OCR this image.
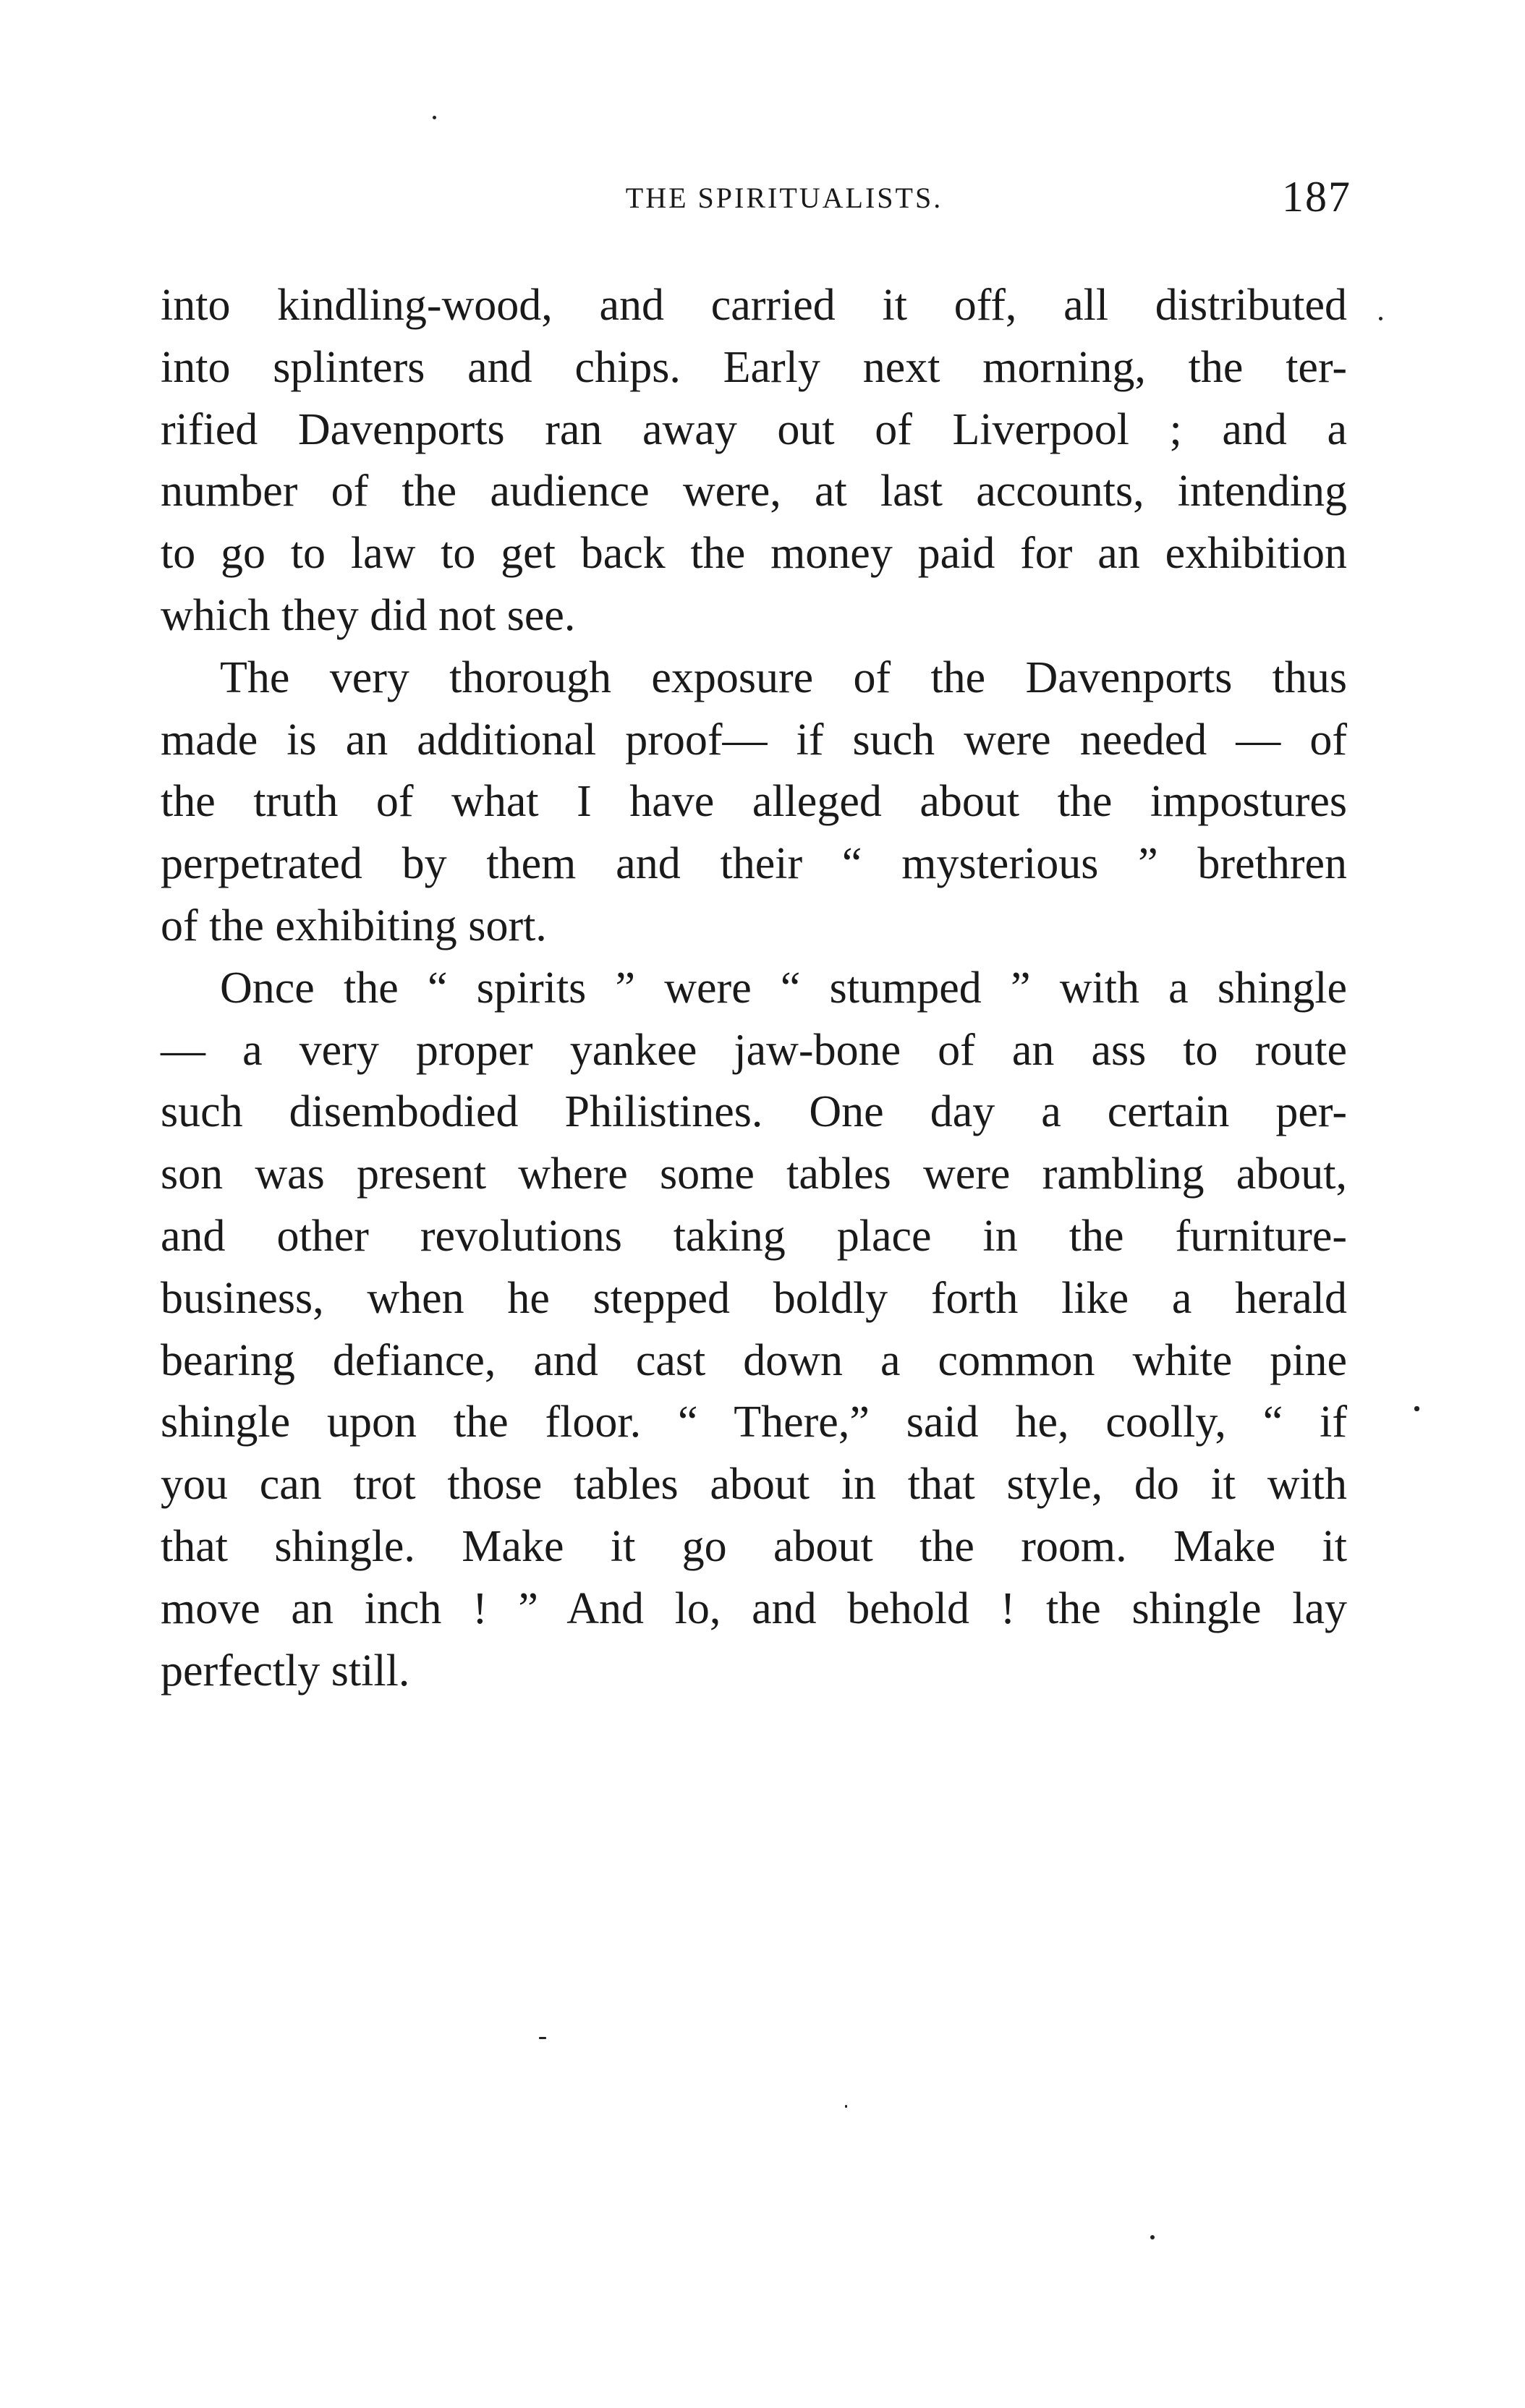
THE SPIRITUALISTS.	187
into kindling-wood, and carried it off, all distributed
into splinters and chips. Early next morning, the ter-
rified Davenports ran away out of Liverpool ; and a
number of the audience were, at last accounts, intending
to go to law to get back the money paid for an exhibition
which they did not see.
The very thorough exposure of the Davenports thus
made is an additional proof— if such were needed — of
the truth of what I have alleged about the impostures
perpetrated by them and their “ mysterious ” brethren
of the exhibiting sort.
Once the “ spirits ” were “ stumped ” with a shingle
— a very proper yankee jaw-bone of an ass to route
such disembodied Philistines. One day a certain per-
son was present where some tables were rambling about,
and other revolutions taking place in the furniture-
business, when he stepped boldly forth like a herald
bearing defiance, and cast down a common white pine
shingle upon the floor. “ There,” said he, coolly, “ if
you can trot those tables about in that style, do it with
that shingle. Make it go about the room. Make it
move an inch ! ” And lo, and behold ! the shingle lay
perfectly still.
